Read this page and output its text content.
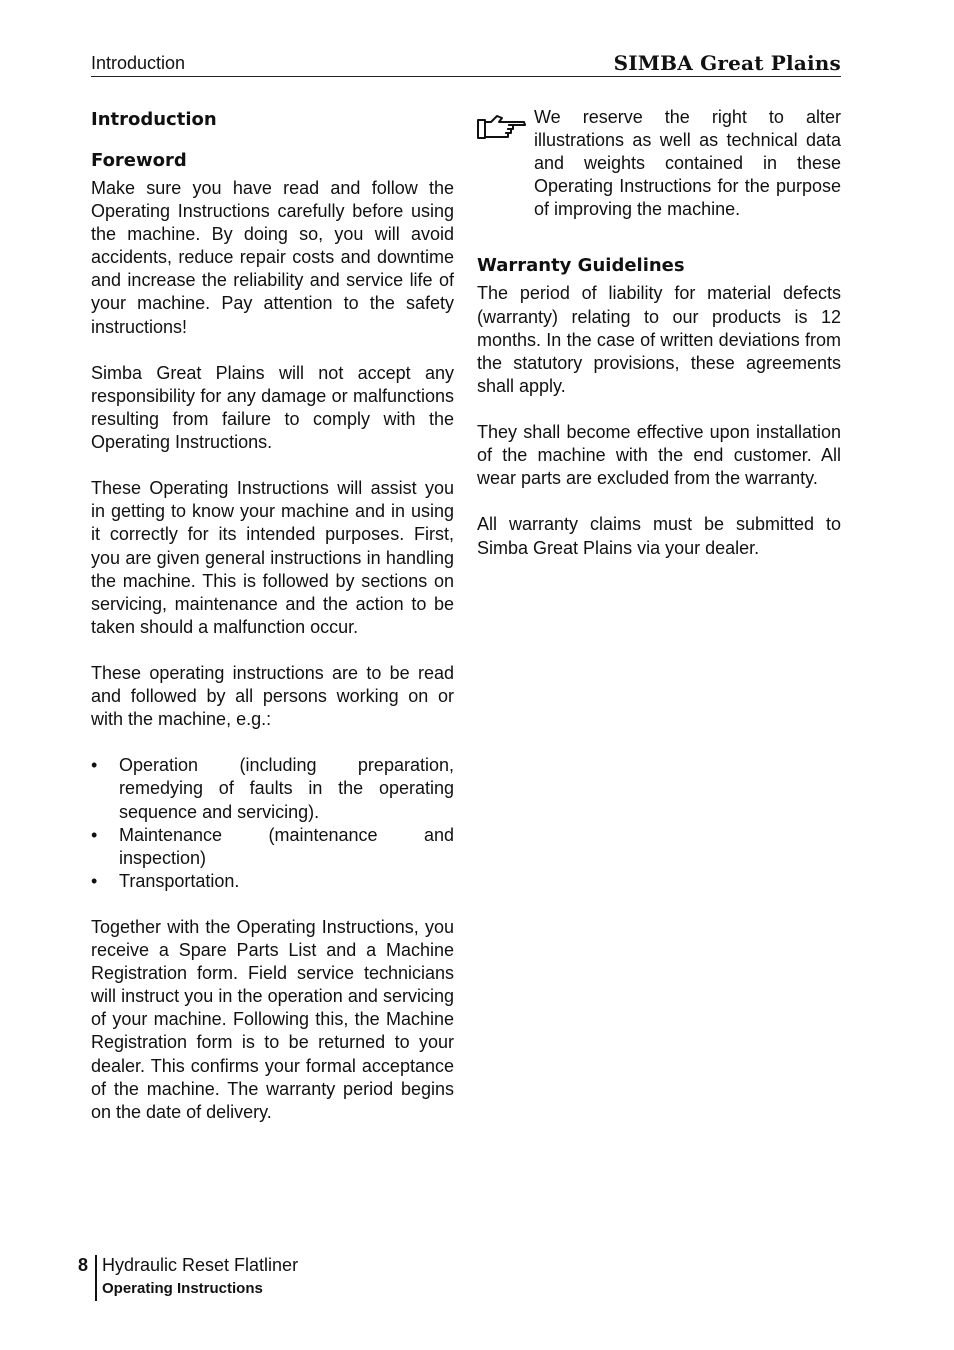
Introduction	SIMBA Great Plains
Introduction
Foreword

Make sure you have read and follow the Operating Instructions carefully before using the machine. By doing so, you will avoid accidents, reduce repair costs and downtime and increase the reliability and service life of your machine. Pay attention to the safety instructions!

Simba Great Plains will not accept any responsibility for any damage or malfunctions resulting from failure to comply with the Operating Instructions.

These Operating Instructions will assist you in getting to know your machine and in using it correctly for its intended purposes. First, you are given general instructions in handling the machine. This is followed by sections on servicing, maintenance and the action to be taken should a malfunction occur.

These operating instructions are to be read and followed by all persons working on or with the machine, e.g.:

• Operation (including preparation, remedying of faults in the operating sequence and servicing).
• Maintenance (maintenance and inspection)
• Transportation.

Together with the Operating Instructions, you receive a Spare Parts List and a Machine Registration form. Field service technicians will instruct you in the operation and servicing of your machine. Following this, the Machine Registration form is to be returned to your dealer. This confirms your formal acceptance of the machine. The warranty period begins on the date of delivery.

We reserve the right to alter illustrations as well as technical data and weights contained in these Operating Instructions for the purpose of improving the machine.

Warranty Guidelines

The period of liability for material defects (warranty) relating to our products is 12 months. In the case of written deviations from the statutory provisions, these agreements shall apply.

They shall become effective upon installation of the machine with the end customer. All wear parts are excluded from the warranty.

All warranty claims must be submitted to Simba Great Plains via your dealer.

8 Hydraulic Reset Flatliner
Operating Instructions
